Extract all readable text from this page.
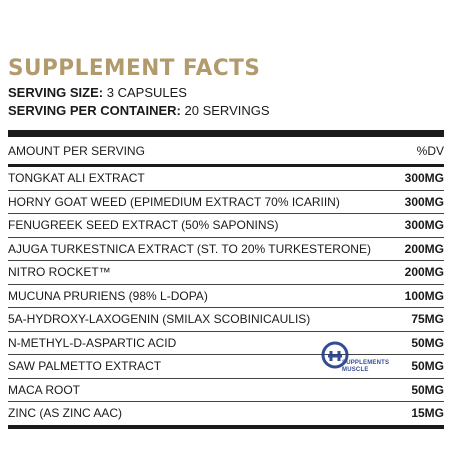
SUPPLEMENT FACTS
SERVING SIZE: 3 CAPSULES
SERVING PER CONTAINER: 20 SERVINGS
AMOUNT PER SERVING	%DV
TONGKAT ALI EXTRACT	300MG
HORNY GOAT WEED (EPIMEDIUM EXTRACT 70% ICARIIN)	300MG
FENUGREEK SEED EXTRACT (50% SAPONINS)	300MG
AJUGA TURKESTNICA EXTRACT (ST. TO 20% TURKESTERONE)	200MG
NITRO ROCKET™	200MG
MUCUNA PRURIENS (98% L-DOPA)	100MG
5A-HYDROXY-LAXOGENIN (SMILAX SCOBINICAULIS)	75MG
N-METHYL-D-ASPARTIC ACID	50MG
SAW PALMETTO EXTRACT	50MG
MACA ROOT	50MG
ZINC (AS ZINC AAC)	15MG
SUPPLEMENTS
MUSCLE
